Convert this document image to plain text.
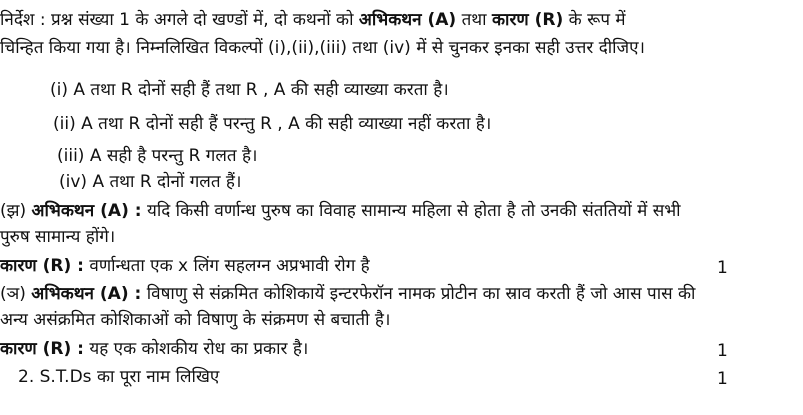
निर्देश : प्रश्न संख्या 1 के अगले दो खण्डों में, दो कथनों को अभिकथन (A) तथा कारण (R) के रूप में
चिन्हित किया गया है। निम्नलिखित विकल्पों (i),(ii),(iii) तथा (iv) में से चुनकर इनका सही उत्तर दीजिए।
(i) A तथा R दोनों सही हैं तथा R , A की सही व्याख्या करता है।
(ii) A तथा R दोनों सही हैं परन्तु R , A की सही व्याख्या नहीं करता है।
(iii) A सही है परन्तु R गलत है।
(iv) A तथा R दोनों गलत हैं।
(झ) अभिकथन (A) : यदि किसी वर्णान्ध पुरुष का विवाह सामान्य महिला से होता है तो उनकी संततियों में सभी
पुरुष सामान्य होंगे।
कारण (R) : वर्णान्धता एक x लिंग सहलग्न अप्रभावी रोग है	1
(ञ) अभिकथन (A) : विषाणु से संक्रमित कोशिकायें इन्टरफेरॉन नामक प्रोटीन का स्राव करती हैं जो आस पास की
अन्य असंक्रमित कोशिकाओं को विषाणु के संक्रमण से बचाती है।
कारण (R) : यह एक कोशकीय रोध का प्रकार है।	1
2. S.T.Ds का पूरा नाम लिखिए	1
